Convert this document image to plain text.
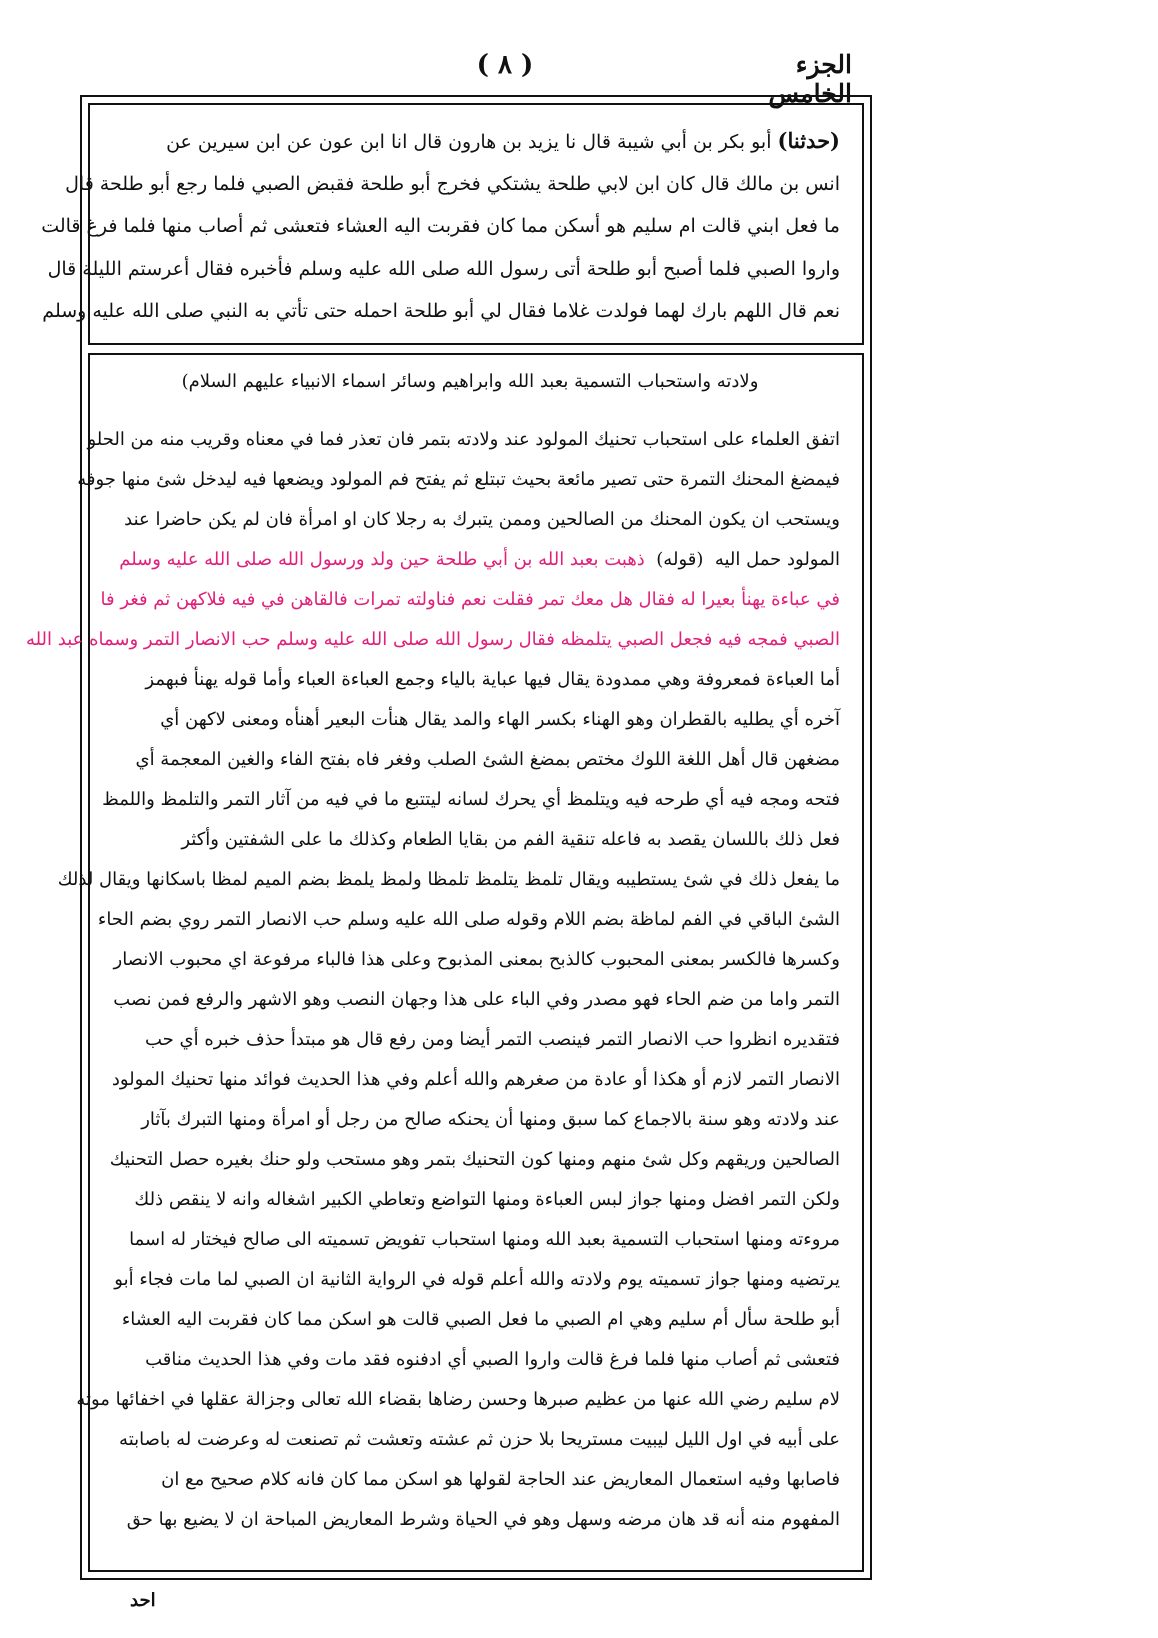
الجزء الخامس
( ٨ )
(حدثنا) أبو بكر بن أبي شيبة قال نا يزيد بن هارون قال انا ابن عون عن ابن سيرين عن
انس بن مالك قال كان ابن لابي طلحة يشتكي فخرج أبو طلحة فقبض الصبي فلما رجع أبو طلحة قال
ما فعل ابني قالت ام سليم هو أسكن مما كان فقربت اليه العشاء فتعشى ثم أصاب منها فلما فرغ قالت
واروا الصبي فلما أصبح أبو طلحة أتى رسول الله صلى الله عليه وسلم فأخبره فقال أعرستم الليلة قال
نعم قال اللهم بارك لهما فولدت غلاما فقال لي أبو طلحة احمله حتى تأتي به النبي صلى الله عليه وسلم
ولادته واستحباب التسمية بعبد الله وابراهيم وسائر اسماء الانبياء عليهم السلام)
اتفق العلماء على استحباب تحنيك المولود عند ولادته بتمر فان تعذر فما في معناه وقريب منه من الحلو
فيمضغ المحنك التمرة حتى تصير مائعة بحيث تبتلع ثم يفتح فم المولود ويضعها فيه ليدخل شئ منها جوفه
ويستحب ان يكون المحنك من الصالحين وممن يتبرك به رجلا كان او امرأة فان لم يكن حاضرا عند
المولود حمل اليه  (قوله)  ذهبت بعبد الله بن أبي طلحة حين ولد ورسول الله صلى الله عليه وسلم
في عباءة يهنأ بعيرا له فقال هل معك تمر فقلت نعم فناولته تمرات فالقاهن في فيه فلاكهن ثم فغر فا
الصبي فمجه فيه فجعل الصبي يتلمظه فقال رسول الله صلى الله عليه وسلم حب الانصار التمر وسماه عبد الله
أما العباءة فمعروفة وهي ممدودة يقال فيها عباية بالياء وجمع العباءة العباء وأما قوله يهنأ فبهمز
آخره أي يطليه بالقطران وهو الهناء بكسر الهاء والمد يقال هنأت البعير أهنأه ومعنى لاكهن أي
مضغهن قال أهل اللغة اللوك مختص بمضغ الشئ الصلب وفغر فاه بفتح الفاء والغين المعجمة أي
فتحه ومجه فيه أي طرحه فيه ويتلمظ أي يحرك لسانه ليتتبع ما في فيه من آثار التمر والتلمظ واللمظ
فعل ذلك باللسان يقصد به فاعله تنقية الفم من بقايا الطعام وكذلك ما على الشفتين وأكثر
ما يفعل ذلك في شئ يستطيبه ويقال تلمظ يتلمظ تلمظا ولمظ يلمظ بضم الميم لمظا باسكانها ويقال لذلك
الشئ الباقي في الفم لماظة بضم اللام وقوله صلى الله عليه وسلم حب الانصار التمر روي بضم الحاء
وكسرها فالكسر بمعنى المحبوب كالذبح بمعنى المذبوح وعلى هذا فالباء مرفوعة اي محبوب الانصار
التمر واما من ضم الحاء فهو مصدر وفي الباء على هذا وجهان النصب وهو الاشهر والرفع فمن نصب
فتقديره انظروا حب الانصار التمر فينصب التمر أيضا ومن رفع قال هو مبتدأ حذف خبره أي حب
الانصار التمر لازم أو هكذا أو عادة من صغرهم والله أعلم وفي هذا الحديث فوائد منها تحنيك المولود
عند ولادته وهو سنة بالاجماع كما سبق ومنها أن يحنكه صالح من رجل أو امرأة ومنها التبرك بآثار
الصالحين وريقهم وكل شئ منهم ومنها كون التحنيك بتمر وهو مستحب ولو حنك بغيره حصل التحنيك
ولكن التمر افضل ومنها جواز لبس العباءة ومنها التواضع وتعاطي الكبير اشغاله وانه لا ينقص ذلك
مروءته ومنها استحباب التسمية بعبد الله ومنها استحباب تفويض تسميته الى صالح فيختار له اسما
يرتضيه ومنها جواز تسميته يوم ولادته والله أعلم قوله في الرواية الثانية ان الصبي لما مات فجاء أبو
أبو طلحة سأل أم سليم وهي ام الصبي ما فعل الصبي قالت هو اسكن مما كان فقربت اليه العشاء
فتعشى ثم أصاب منها فلما فرغ قالت واروا الصبي أي ادفنوه فقد مات وفي هذا الحديث مناقب
لام سليم رضي الله عنها من عظيم صبرها وحسن رضاها بقضاء الله تعالى وجزالة عقلها في اخفائها موته
على أبيه في اول الليل ليبيت مستريحا بلا حزن ثم عشته وتعشت ثم تصنعت له وعرضت له باصابته
فاصابها وفيه استعمال المعاريض عند الحاجة لقولها هو اسكن مما كان فانه كلام صحيح مع ان
المفهوم منه أنه قد هان مرضه وسهل وهو في الحياة وشرط المعاريض المباحة ان لا يضيع بها حق
احد
